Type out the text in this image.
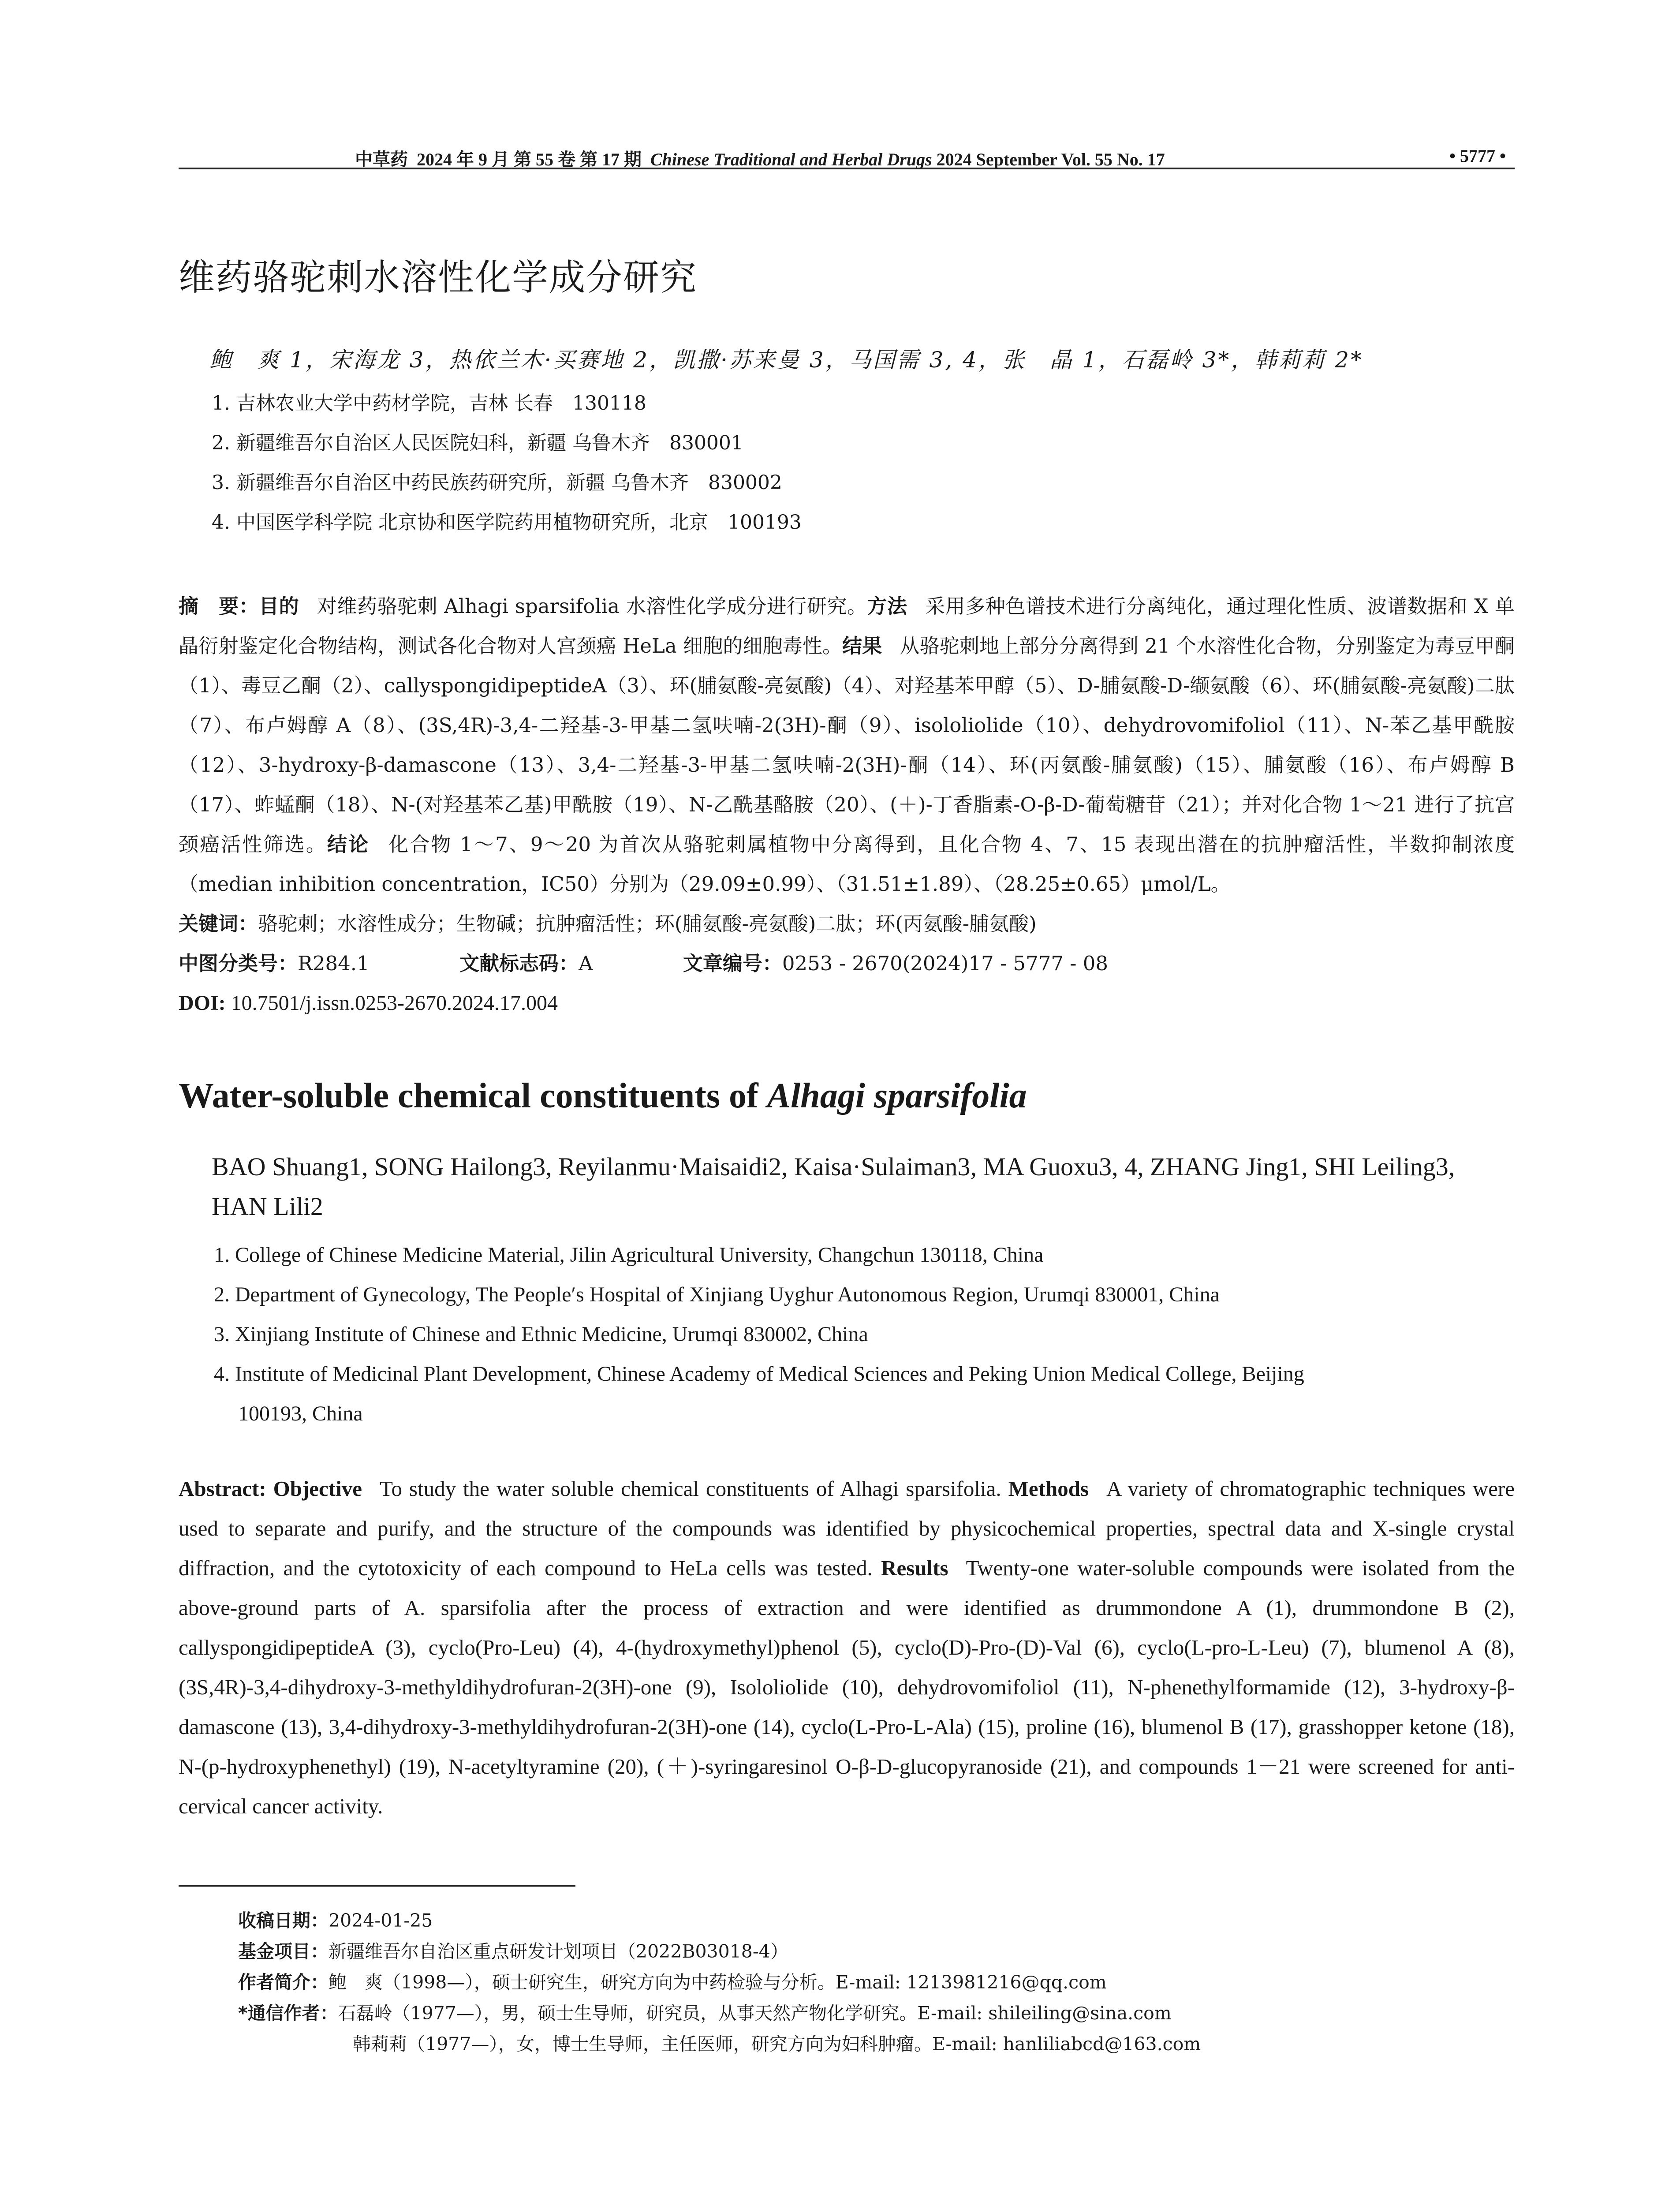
中草药 2024 年 9 月 第 55 卷 第 17 期 Chinese Traditional and Herbal Drugs 2024 September Vol. 55 No. 17	• 5777 •
维药骆驼刺水溶性化学成分研究
鲍　爽 1，宋海龙 3，热依兰木·买赛地 2，凯撒·苏来曼 3，马国需 3, 4，张　晶 1，石磊岭 3*，韩莉莉 2*
1. 吉林农业大学中药材学院，吉林 长春　130118
2. 新疆维吾尔自治区人民医院妇科，新疆 乌鲁木齐　830001
3. 新疆维吾尔自治区中药民族药研究所，新疆 乌鲁木齐　830002
4. 中国医学科学院 北京协和医学院药用植物研究所，北京　100193
摘　要：目的 对维药骆驼刺 Alhagi sparsifolia 水溶性化学成分进行研究。方法 采用多种色谱技术进行分离纯化，通过理化性质、波谱数据和 X 单晶衍射鉴定化合物结构，测试各化合物对人宫颈癌 HeLa 细胞的细胞毒性。结果 从骆驼刺地上部分分离得到 21 个水溶性化合物，分别鉴定为毒豆甲酮（1）、毒豆乙酮（2）、callyspongidipeptideA（3）、环(脯氨酸-亮氨酸)（4）、对羟基苯甲醇（5）、D-脯氨酸-D-缬氨酸（6）、环(脯氨酸-亮氨酸)二肽（7）、布卢姆醇 A（8）、(3S,4R)-3,4-二羟基-3-甲基二氢呋喃-2(3H)-酮（9）、isololiolide（10）、dehydrovomifoliol（11）、N-苯乙基甲酰胺（12）、3-hydroxy-β-damascone（13）、3,4-二羟基-3-甲基二氢呋喃-2(3H)-酮（14）、环(丙氨酸-脯氨酸)（15）、脯氨酸（16）、布卢姆醇 B（17）、蚱蜢酮（18）、N-(对羟基苯乙基)甲酰胺（19）、N-乙酰基酪胺（20）、(＋)-丁香脂素-O-β-D-葡萄糖苷（21）；并对化合物 1～21 进行了抗宫颈癌活性筛选。结论 化合物 1～7、9～20 为首次从骆驼刺属植物中分离得到，且化合物 4、7、15 表现出潜在的抗肿瘤活性，半数抑制浓度（median inhibition concentration，IC50）分别为（29.09±0.99）、（31.51±1.89）、（28.25±0.65）μmol/L。
关键词：骆驼刺；水溶性成分；生物碱；抗肿瘤活性；环(脯氨酸-亮氨酸)二肽；环(丙氨酸-脯氨酸)
中图分类号：R284.1	文献标志码：A	文章编号：0253 - 2670(2024)17 - 5777 - 08
DOI: 10.7501/j.issn.0253-2670.2024.17.004
Water-soluble chemical constituents of Alhagi sparsifolia
BAO Shuang1, SONG Hailong3, Reyilanmu·Maisaidi2, Kaisa·Sulaiman3, MA Guoxu3, 4, ZHANG Jing1, SHI Leiling3, HAN Lili2
1. College of Chinese Medicine Material, Jilin Agricultural University, Changchun 130118, China
2. Department of Gynecology, The People′s Hospital of Xinjiang Uyghur Autonomous Region, Urumqi 830001, China
3. Xinjiang Institute of Chinese and Ethnic Medicine, Urumqi 830002, China
4. Institute of Medicinal Plant Development, Chinese Academy of Medical Sciences and Peking Union Medical College, Beijing
100193, China
Abstract: Objective To study the water soluble chemical constituents of Alhagi sparsifolia. Methods A variety of chromatographic techniques were used to separate and purify, and the structure of the compounds was identified by physicochemical properties, spectral data and X-single crystal diffraction, and the cytotoxicity of each compound to HeLa cells was tested. Results Twenty-one water-soluble compounds were isolated from the above-ground parts of A. sparsifolia after the process of extraction and were identified as drummondone A (1), drummondone B (2), callyspongidipeptideA (3), cyclo(Pro-Leu) (4), 4-(hydroxymethyl)phenol (5), cyclo(D)-Pro-(D)-Val (6), cyclo(L-pro-L-Leu) (7), blumenol A (8), (3S,4R)-3,4-dihydroxy-3-methyldihydrofuran-2(3H)-one (9), Isololiolide (10), dehydrovomifoliol (11), N-phenethylformamide (12), 3-hydroxy-β-damascone (13), 3,4-dihydroxy-3-methyldihydrofuran-2(3H)-one (14), cyclo(L-Pro-L-Ala) (15), proline (16), blumenol B (17), grasshopper ketone (18), N-(p-hydroxyphenethyl) (19), N-acetyltyramine (20), (＋)-syringaresinol O-β-D-glucopyranoside (21), and compounds 1－21 were screened for anti-cervical cancer activity.
收稿日期：2024-01-25
基金项目：新疆维吾尔自治区重点研发计划项目（2022B03018-4）
作者简介：鲍　爽（1998—），硕士研究生，研究方向为中药检验与分析。E-mail: 1213981216@qq.com
*通信作者：石磊岭（1977—），男，硕士生导师，研究员，从事天然产物化学研究。E-mail: shileiling@sina.com
韩莉莉（1977—），女，博士生导师，主任医师，研究方向为妇科肿瘤。E-mail: hanliliabcd@163.com
